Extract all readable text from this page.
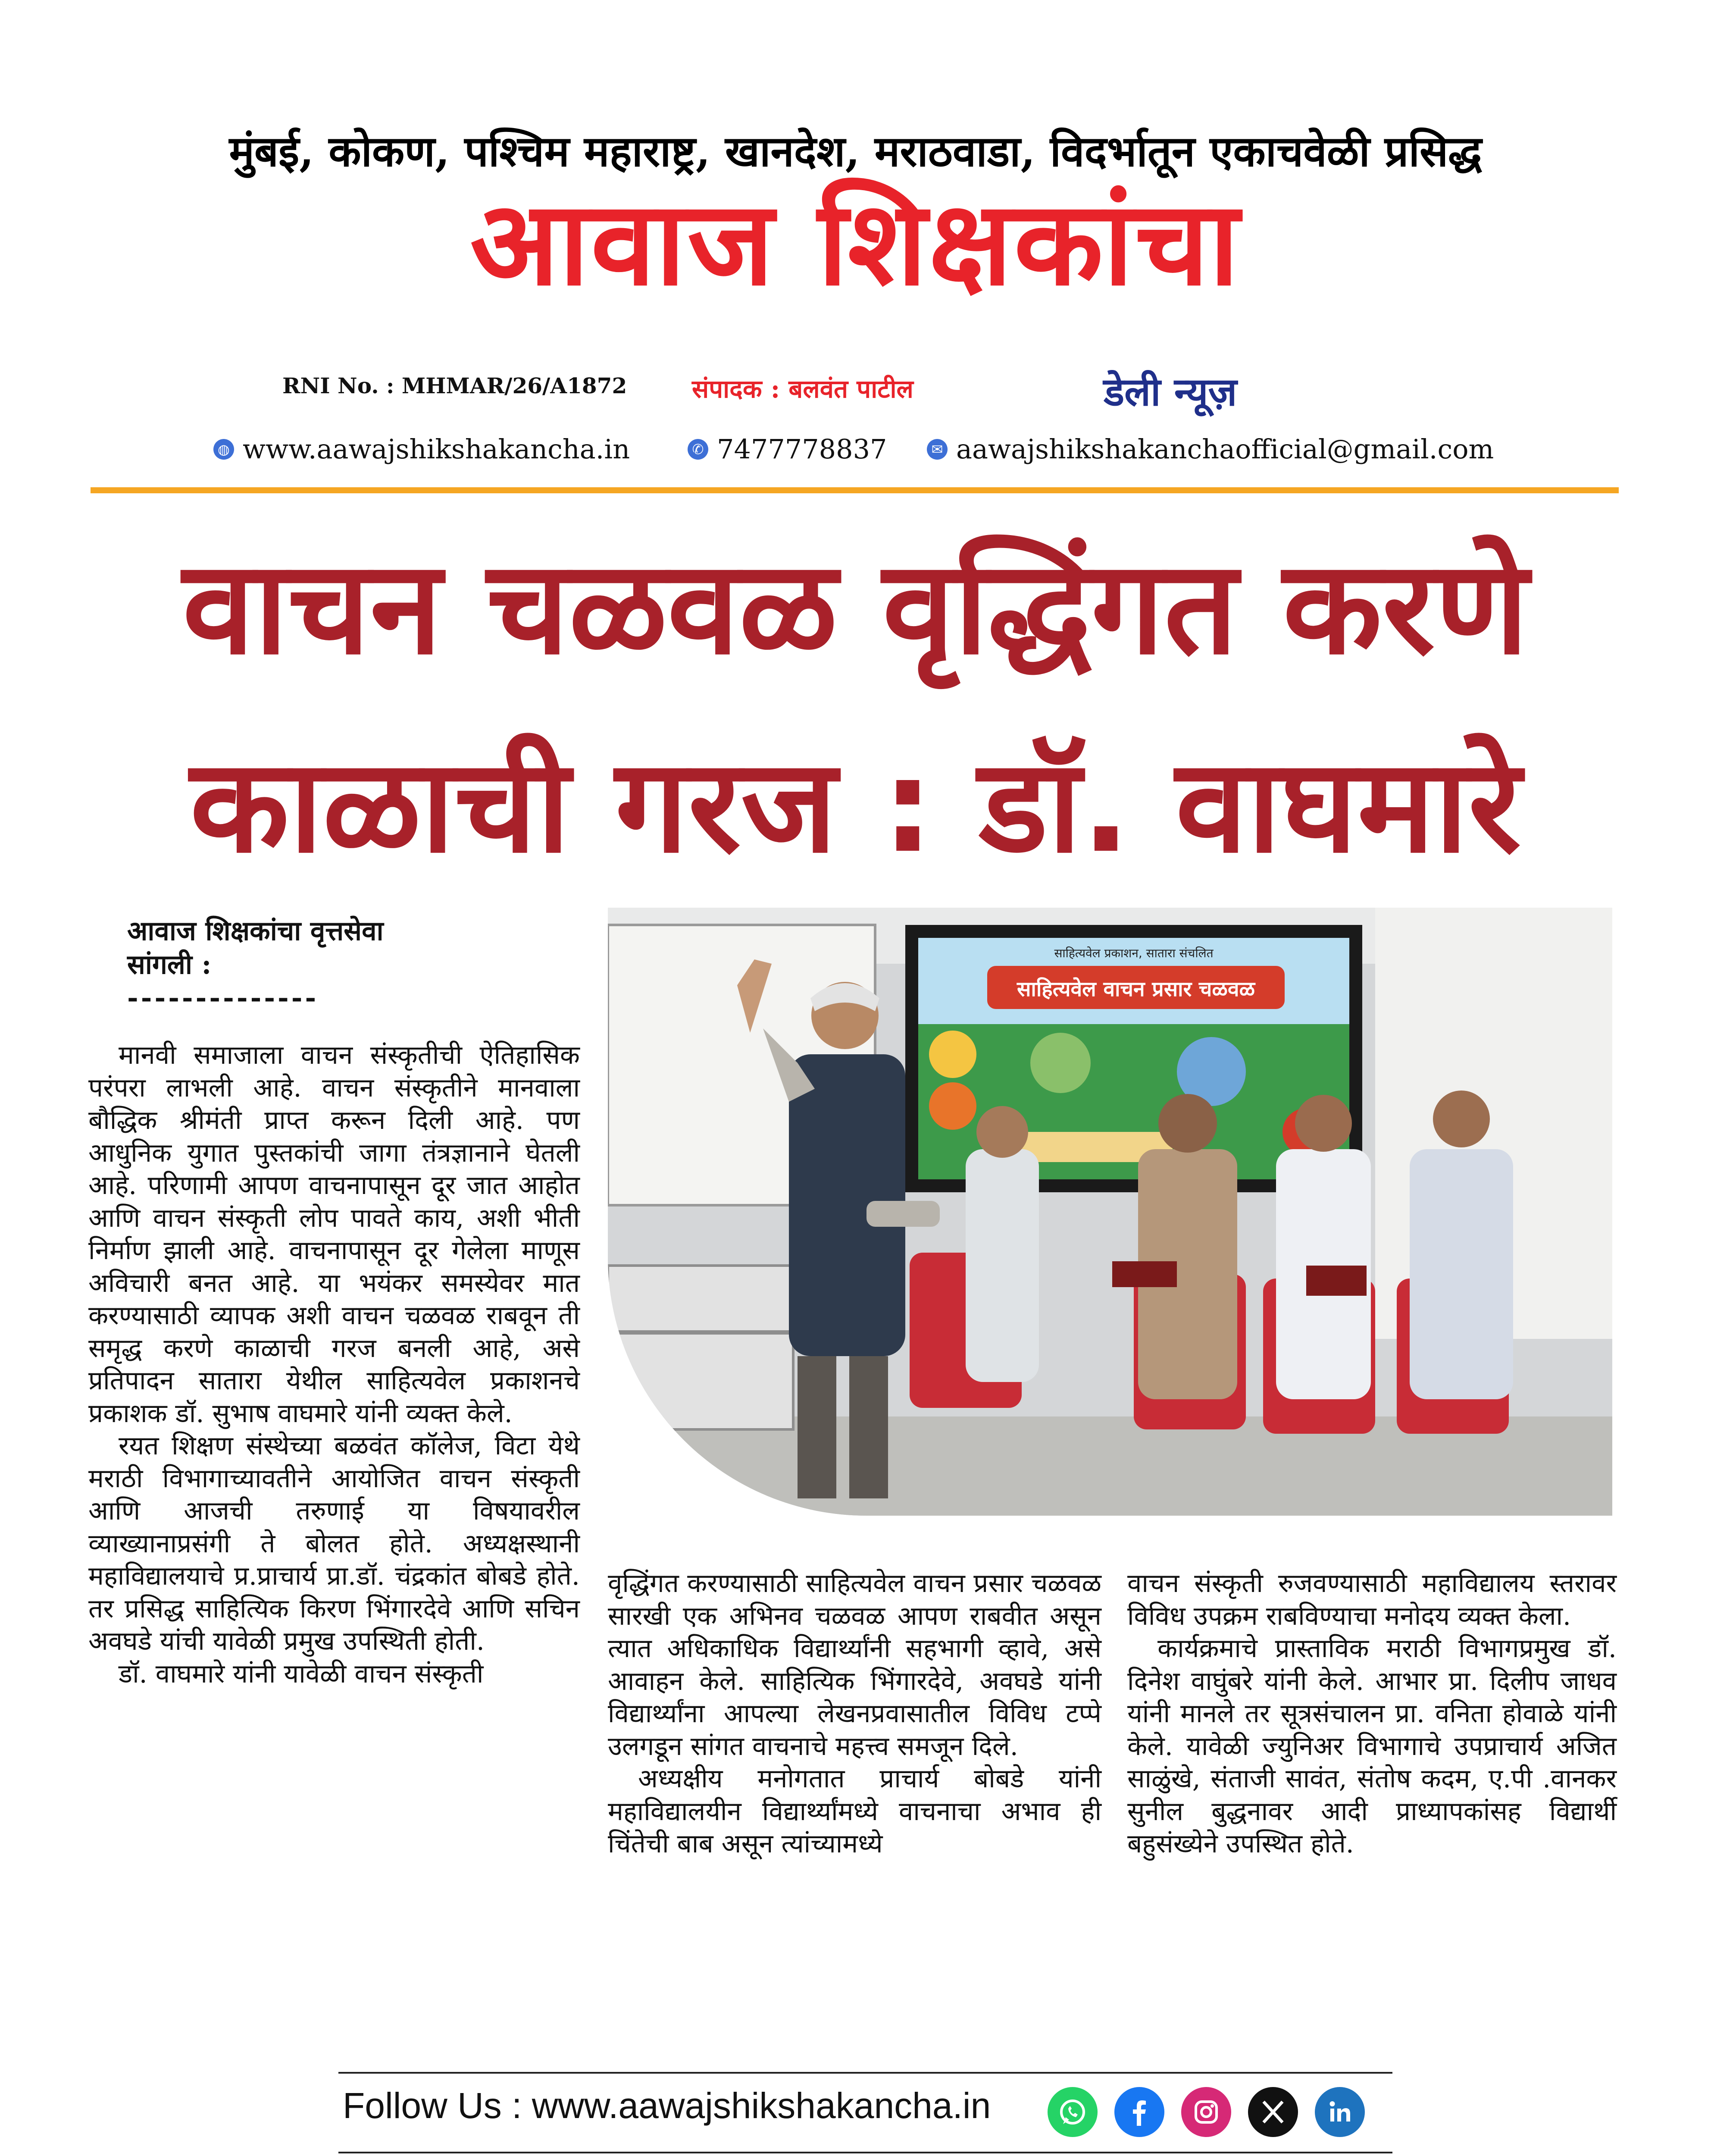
मुंबई, कोकण, पश्चिम महाराष्ट्र, खानदेश, मराठवाडा, विदर्भातून एकाचवेळी प्रसिद्ध
आवाज शिक्षकांचा
RNI No. : MHMAR/26/A1872	संपादक : बलवंत पाटील	डेली न्यूज़
◍ www.aawajshikshakancha.in	✆ 7477778837	✉ aawajshikshakanchaofficial@gmail.com
वाचन चळवळ वृद्धिंगत करणे
काळाची गरज : डॉ. वाघमारे
आवाज शिक्षकांचा वृत्तसेवा
सांगली :
--------------
साहित्यवेल प्रकाशन, सातारा संचलित
साहित्यवेल वाचन प्रसार चळवळ

मानवी समाजाला वाचन संस्कृतीची ऐतिहासिक परंपरा लाभली आहे. वाचन संस्कृतीने मानवाला बौद्धिक श्रीमंती प्राप्त करून दिली आहे. पण आधुनिक युगात पुस्तकांची जागा तंत्रज्ञानाने घेतली आहे. परिणामी आपण वाचनापासून दूर जात आहोत आणि वाचन संस्कृती लोप पावते काय, अशी भीती निर्माण झाली आहे. वाचनापासून दूर गेलेला माणूस अविचारी बनत आहे. या भयंकर समस्येवर मात करण्यासाठी व्यापक अशी वाचन चळवळ राबवून ती समृद्ध करणे काळाची गरज बनली आहे, असे प्रतिपादन सातारा येथील साहित्यवेल प्रकाशनचे प्रकाशक डॉ. सुभाष वाघमारे यांनी व्यक्त केले.

रयत शिक्षण संस्थेच्या बळवंत कॉलेज, विटा येथे मराठी विभागाच्यावतीने आयोजित वाचन संस्कृती आणि आजची तरुणाई या विषयावरील व्याख्यानाप्रसंगी ते बोलत होते. अध्यक्षस्थानी महाविद्यालयाचे प्र.प्राचार्य प्रा.डॉ. चंद्रकांत बोबडे होते. तर प्रसिद्ध साहित्यिक किरण भिंगारदेवे आणि सचिन अवघडे यांची यावेळी प्रमुख उपस्थिती होती.

डॉ. वाघमारे यांनी यावेळी वाचन संस्कृती

वृद्धिंगत करण्यासाठी साहित्यवेल वाचन प्रसार चळवळ सारखी एक अभिनव चळवळ आपण राबवीत असून त्यात अधिकाधिक विद्यार्थ्यांनी सहभागी व्हावे, असे आवाहन केले. साहित्यिक भिंगारदेवे, अवघडे यांनी विद्यार्थ्यांना आपल्या लेखनप्रवासातील विविध टप्पे उलगडून सांगत वाचनाचे महत्त्व समजून दिले.

अध्यक्षीय मनोगतात प्राचार्य बोबडे यांनी महाविद्यालयीन विद्यार्थ्यांमध्ये वाचनाचा अभाव ही चिंतेची बाब असून त्यांच्यामध्ये

वाचन संस्कृती रुजवण्यासाठी महाविद्यालय स्तरावर विविध उपक्रम राबविण्याचा मनोदय व्यक्त केला.

कार्यक्रमाचे प्रास्ताविक मराठी विभागप्रमुख डॉ. दिनेश वाघुंबरे यांनी केले. आभार प्रा. दिलीप जाधव यांनी मानले तर सूत्रसंचालन प्रा. वनिता होवाळे यांनी केले. यावेळी ज्युनिअर विभागाचे उपप्राचार्य अजित साळुंखे, संताजी सावंत, संतोष कदम, ए.पी .वानकर सुनील बुद्धनावर आदी प्राध्यापकांसह विद्यार्थी बहुसंख्येने उपस्थित होते.

Follow Us : www.aawajshikshakancha.in
